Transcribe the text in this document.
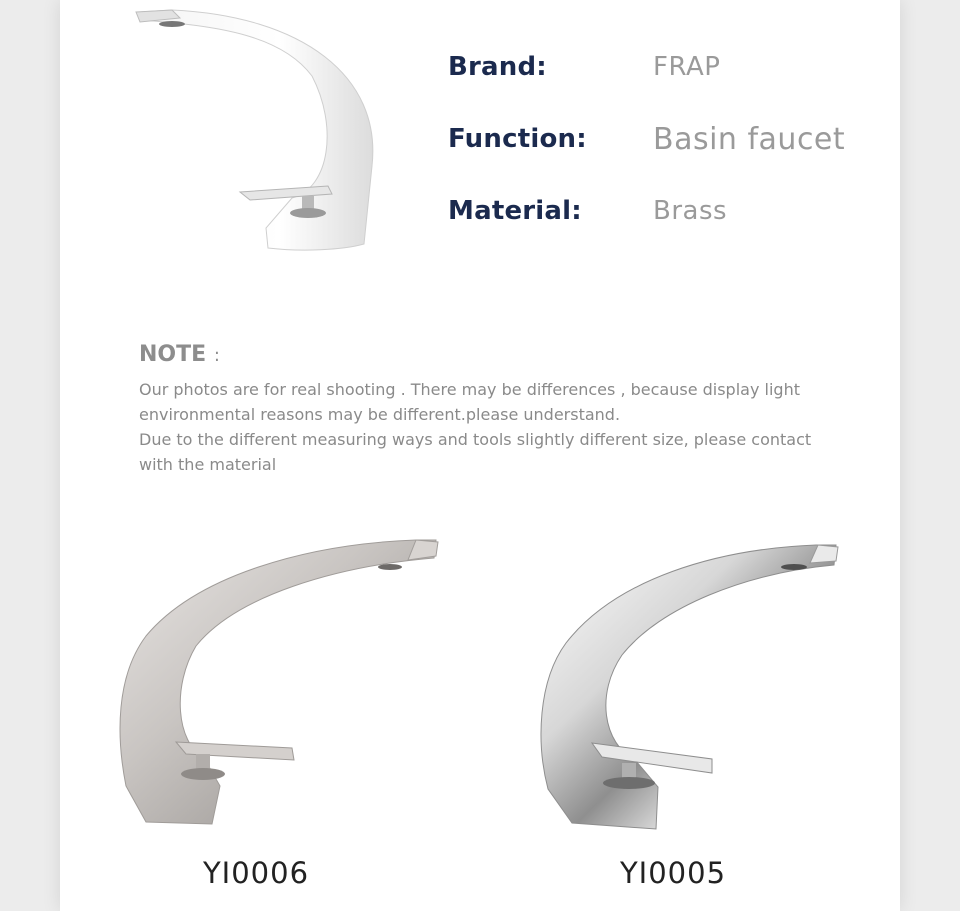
Brand:	FRAP
Function: Basin faucet
Material:	Brass
NOTE :

Our photos are for real shooting . There may be differences , because display light environmental reasons may be different.please understand.

Due to the different measuring ways and tools slightly different size, please contact with the material

YI0006	YI0005
